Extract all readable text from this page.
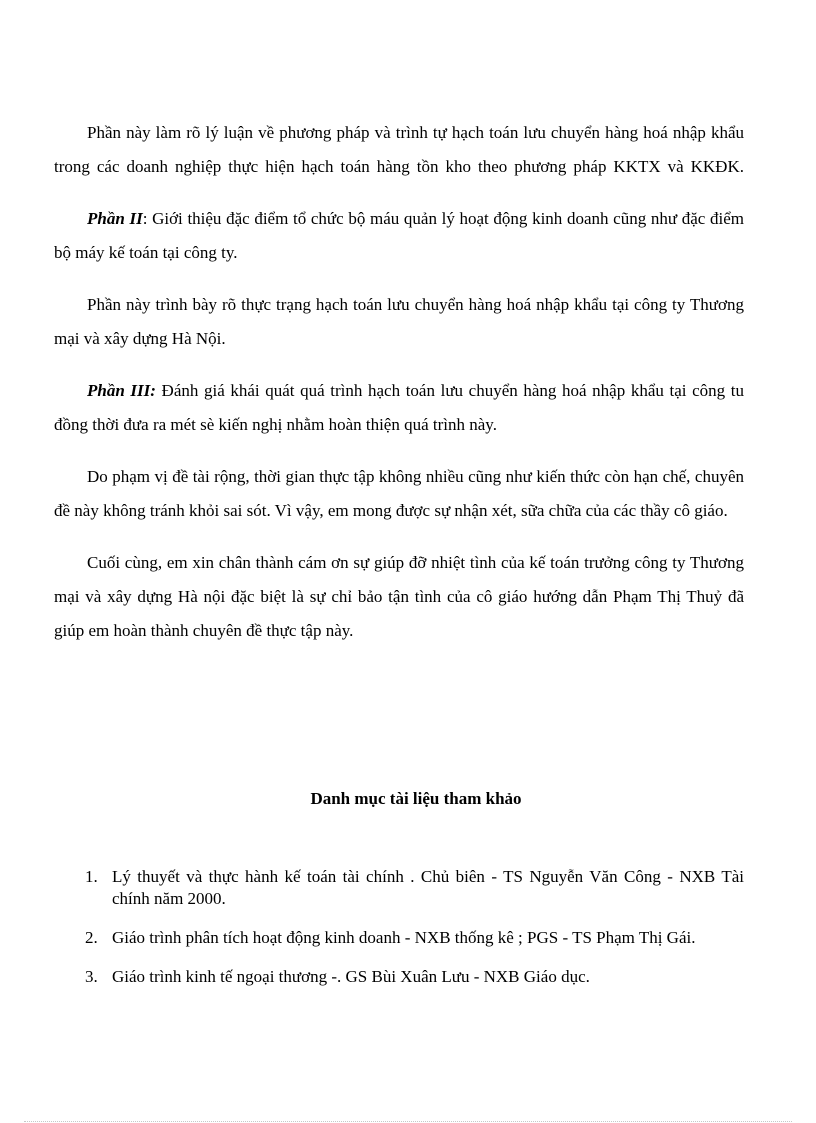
Phần này làm rõ lý luận về phương pháp và trình tự hạch toán lưu chuyển hàng hoá nhập khẩu trong các doanh nghiệp thực hiện hạch toán hàng tồn kho theo phương pháp KKTX và KKĐK.

Phần II: Giới thiệu đặc điểm tổ chức bộ máu quản lý hoạt động kinh doanh cũng như đặc điểm bộ máy kế toán tại công ty.

Phần này trình bày rõ thực trạng hạch toán lưu chuyển hàng hoá nhập khẩu tại công ty Thương mại và xây dựng Hà Nội.

Phần III: Đánh giá khái quát quá trình hạch toán lưu chuyển hàng hoá nhập khẩu tại công tu đồng thời đưa ra mét sè kiến nghị nhằm hoàn thiện quá trình này.

Do phạm vị đề tài rộng, thời gian thực tập không nhiều cũng như kiến thức còn hạn chế, chuyên đề này không tránh khỏi sai sót. Vì vậy, em mong được sự nhận xét, sữa chữa của các thầy cô giáo.

Cuối cùng, em xin chân thành cám ơn sự giúp đỡ nhiệt tình của kế toán trưởng công ty Thương mại và xây dựng Hà nội đặc biệt là sự chỉ bảo tận tình của cô giáo hướng dẫn Phạm Thị Thuỷ đã giúp em hoàn thành chuyên đề thực tập này.

Danh mục tài liệu tham khảo
1. Lý thuyết và thực hành kế toán tài chính . Chủ biên - TS Nguyễn Văn Công - NXB Tài chính năm 2000.
2. Giáo trình phân tích hoạt động kinh doanh - NXB thống kê ; PGS - TS Phạm Thị Gái.
3. Giáo trình kinh tế ngoại thương -. GS Bùi Xuân Lưu - NXB Giáo dục.
